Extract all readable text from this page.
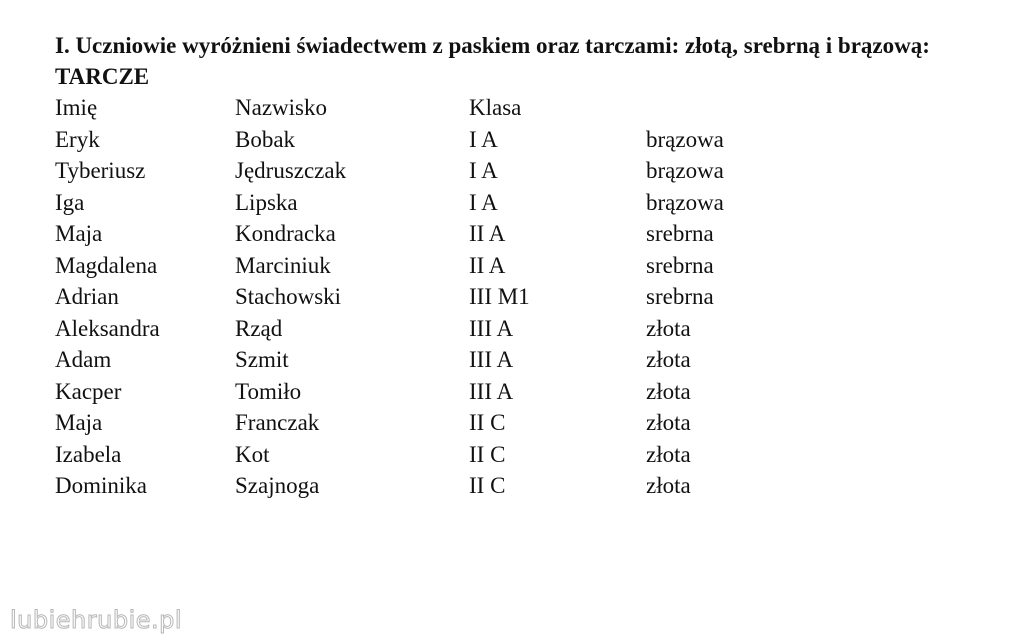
I. Uczniowie wyróżnieni świadectwem z paskiem oraz tarczami: złotą, srebrną i brązową:

TARCZE

Imię	Nazwisko	Klasa	
Eryk	Bobak	I A	brązowa
Tyberiusz	Jędruszczak	I A	brązowa
Iga	Lipska	I A	brązowa
Maja	Kondracka	II A	srebrna
Magdalena	Marciniuk	II A	srebrna
Adrian	Stachowski	III M1	srebrna
Aleksandra	Rząd	III A	złota
Adam	Szmit	III A	złota
Kacper	Tomiło	III A	złota
Maja	Franczak	II C	złota
Izabela	Kot	II C	złota
Dominika	Szajnoga	II C	złota
lubiehrubie.pl
